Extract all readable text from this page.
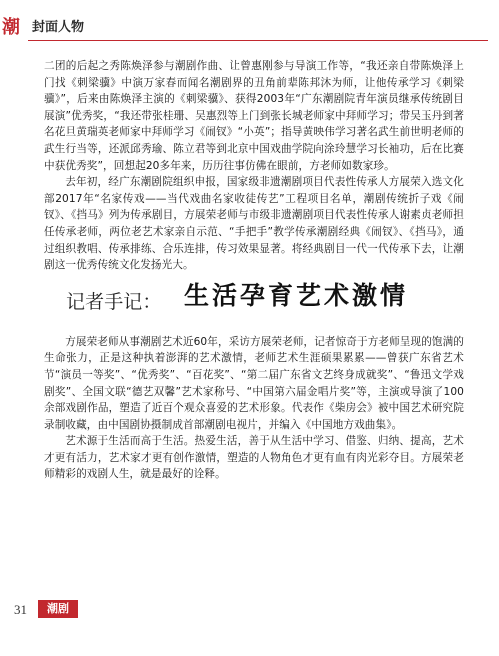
潮 封面人物

二团的后起之秀陈焕泽参与潮剧作曲、让曾惠刚参与导演工作等，“我还亲自带陈焕泽上门找《刺梁骥》中演万家春而闻名潮剧界的丑角前辈陈邦沐为师，让他传承学习《刺梁骥》”，后来由陈焕泽主演的《刺梁骥》、获得2003年“广东潮剧院青年演员继承传统剧目展演”优秀奖，“我还带张桂珊、吴惠烈等上门到张长城老师家中拜师学习；带吴玉丹到著名花旦黄瑞英老师家中拜师学习《闹钗》“小英”；指导黄映伟学习著名武生前世明老师的武生行当等，还派邱秀瑜、陈立君等到北京中国戏曲学院向涂玲慧学习长袖功，后在比赛中获优秀奖”，回想起20多年来，历历往事仿佛在眼前，方老师如数家珍。

去年初，经广东潮剧院组织申报，国家级非遗潮剧项目代表性传承人方展荣入选文化部2017年“名家传戏——当代戏曲名家收徒传艺”工程项目名单，潮剧传统折子戏《闹钗》、《挡马》列为传承剧目，方展荣老师与市级非遗潮剧项目代表性传承人谢素贞老师担任传承老师，两位老艺术家亲自示范、“手把手”教学传承潮剧经典《闹钗》、《挡马》，通过组织教唱、传承排练、合乐连排，传习效果显著。将经典剧目一代一代传承下去，让潮剧这一优秀传统文化发扬光大。

记者手记： 生活孕育艺术激情

方展荣老师从事潮剧艺术近60年，采访方展荣老师，记者惊奇于方老师呈现的饱满的生命张力，正是这种执着澎湃的艺术激情，老师艺术生涯硕果累累——曾获广东省艺术节“演员一等奖”、“优秀奖”、“百花奖”、“第二届广东省文艺终身成就奖”、“鲁迅文学戏剧奖”、全国文联“德艺双馨”艺术家称号、“中国第六届金唱片奖”等，主演或导演了100余部戏剧作品，塑造了近百个观众喜爱的艺术形象。代表作《柴房会》被中国艺术研究院录制收藏，由中国剧协摄制成首部潮剧电视片，并编入《中国地方戏曲集》。

艺术源于生活而高于生活。热爱生活，善于从生活中学习、借鉴、归纳、提高，艺术才更有活力，艺术家才更有创作激情，塑造的人物角色才更有血有肉光彩夺目。方展荣老师精彩的戏剧人生，就是最好的诠释。

31	潮剧
